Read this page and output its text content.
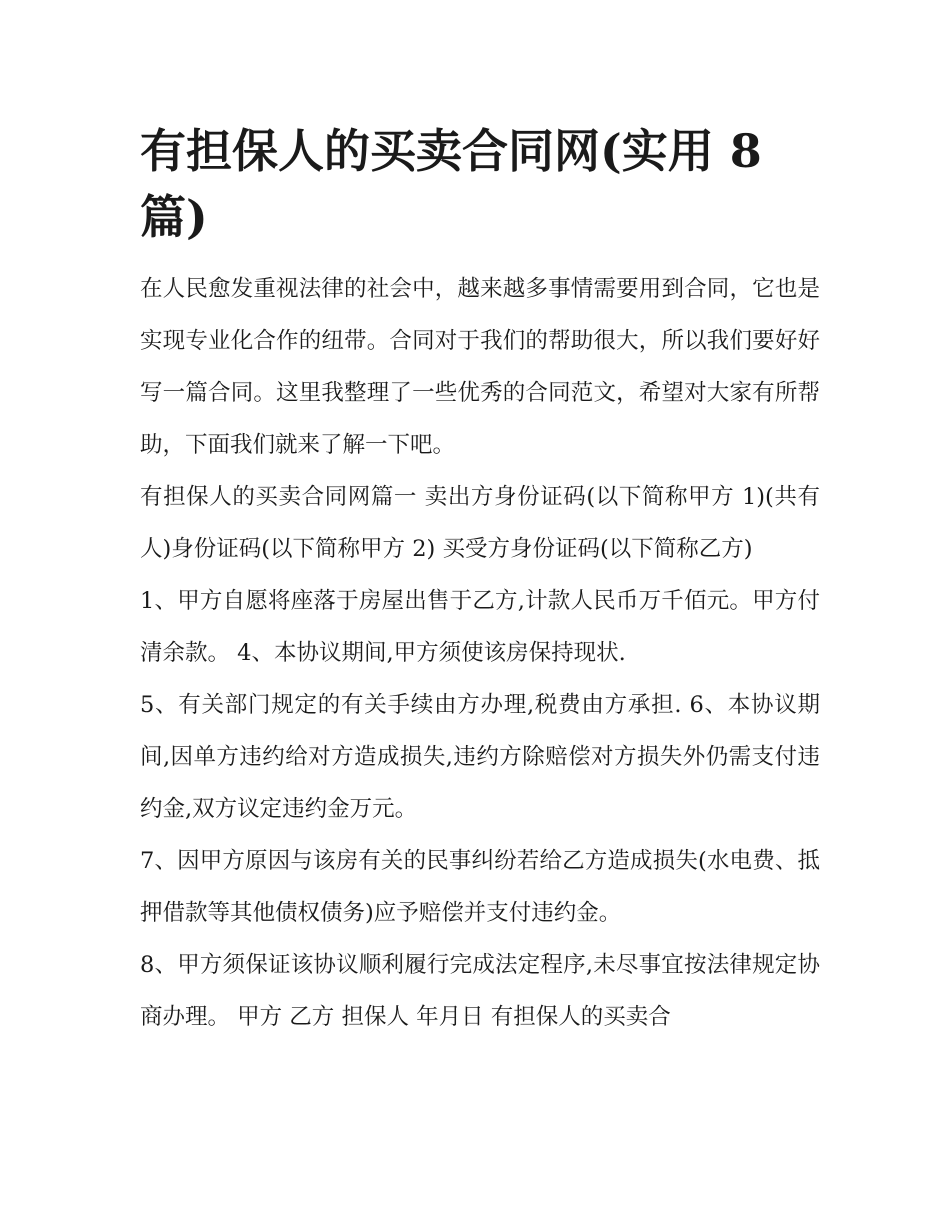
有担保人的买卖合同网(实用 8 篇)

在人民愈发重视法律的社会中，越来越多事情需要用到合同，它也是实现专业化合作的纽带。合同对于我们的帮助很大，所以我们要好好写一篇合同。这里我整理了一些优秀的合同范文，希望对大家有所帮助，下面我们就来了解一下吧。

有担保人的买卖合同网篇一 卖出方身份证码(以下简称甲方 1)(共有人)身份证码(以下简称甲方 2) 买受方身份证码(以下简称乙方)

1、甲方自愿将座落于房屋出售于乙方,计款人民币万千佰元。甲方付清余款。 4、本协议期间,甲方须使该房保持现状.

5、有关部门规定的有关手续由方办理,税费由方承担. 6、本协议期间,因单方违约给对方造成损失,违约方除赔偿对方损失外仍需支付违约金,双方议定违约金万元。

7、因甲方原因与该房有关的民事纠纷若给乙方造成损失(水电费、抵押借款等其他债权债务)应予赔偿并支付违约金。

8、甲方须保证该协议顺利履行完成法定程序,未尽事宜按法律规定协商办理。 甲方 乙方 担保人 年月日 有担保人的买卖合
